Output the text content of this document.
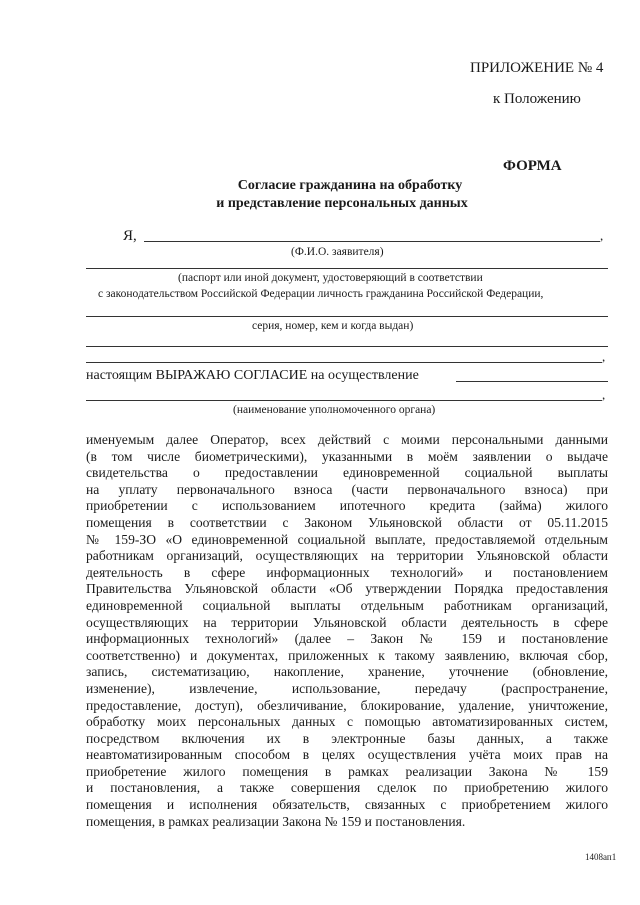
ПРИЛОЖЕНИЕ № 4
к Положению
ФОРМА
Согласие гражданина на обработку
и представление персональных данных
Я,	,
(Ф.И.О. заявителя)
(паспорт или иной документ, удостоверяющий в соответствии
с законодательством Российской Федерации личность гражданина Российской Федерации,
серия, номер, кем и когда выдан)
,
настоящим ВЫРАЖАЮ СОГЛАСИЕ на осуществление
,
(наименование уполномоченного органа)
именуемым далее Оператор, всех действий с моими персональными данными
(в том числе биометрическими), указанными в моём заявлении о выдаче
свидетельства о предоставлении единовременной социальной выплаты
на уплату первоначального взноса (части первоначального взноса) при
приобретении с использованием ипотечного кредита (займа) жилого
помещения в соответствии с Законом Ульяновской области от 05.11.2015
№ 159-ЗО «О единовременной социальной выплате, предоставляемой отдельным
работникам организаций, осуществляющих на территории Ульяновской области
деятельность в сфере информационных технологий» и постановлением
Правительства Ульяновской области «Об утверждении Порядка предоставления
единовременной социальной выплаты отдельным работникам организаций,
осуществляющих на территории Ульяновской области деятельность в сфере
информационных технологий» (далее – Закон № 159 и постановление
соответственно) и документах, приложенных к такому заявлению, включая сбор,
запись, систематизацию, накопление, хранение, уточнение (обновление,
изменение), извлечение, использование, передачу (распространение,
предоставление, доступ), обезличивание, блокирование, удаление, уничтожение,
обработку моих персональных данных с помощью автоматизированных систем,
посредством включения их в электронные базы данных, а также
неавтоматизированным способом в целях осуществления учёта моих прав на
приобретение жилого помещения в рамках реализации Закона № 159
и постановления, а также совершения сделок по приобретению жилого
помещения и исполнения обязательств, связанных с приобретением жилого
помещения, в рамках реализации Закона № 159 и постановления.
1408ап1
